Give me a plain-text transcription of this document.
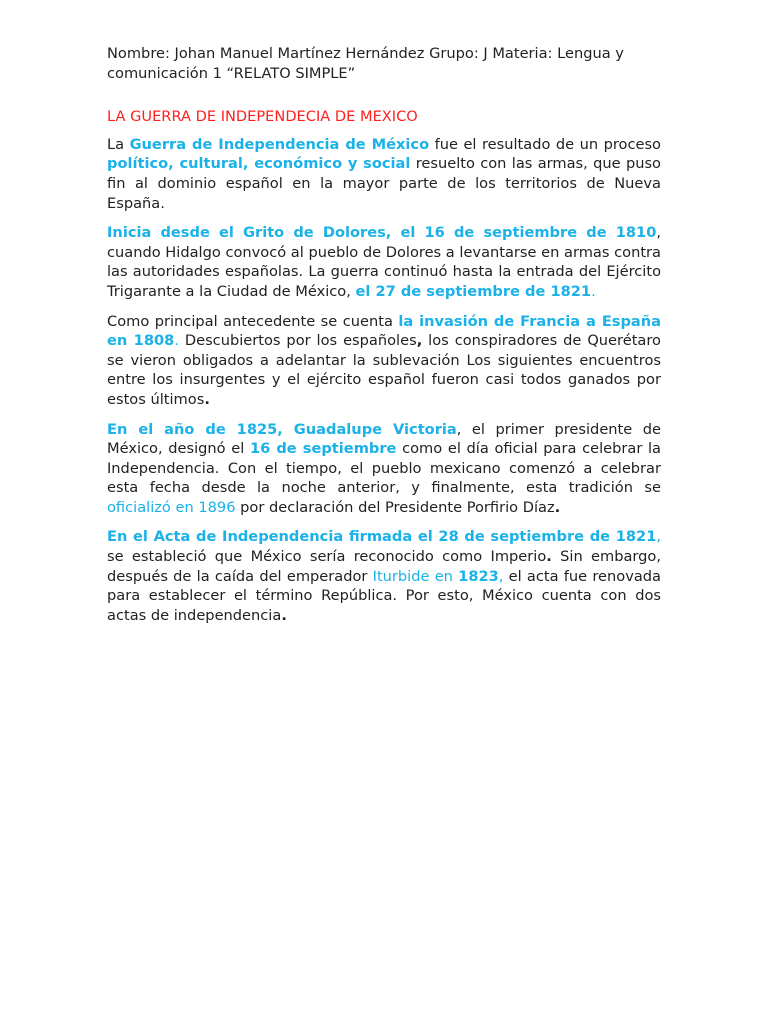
Nombre: Johan Manuel Martínez Hernández Grupo: J Materia: Lengua y comunicación 1 “RELATO SIMPLE”
LA GUERRA DE INDEPENDECIA DE MEXICO

La Guerra de Independencia de México fue el resultado de un proceso político, cultural, económico y social resuelto con las armas, que puso fin al dominio español en la mayor parte de los territorios de Nueva España.

Inicia desde el Grito de Dolores, el 16 de septiembre de 1810, cuando Hidalgo convocó al pueblo de Dolores a levantarse en armas contra las autoridades españolas. La guerra continuó hasta la entrada del Ejército Trigarante a la Ciudad de México, el 27 de septiembre de 1821.

Como principal antecedente se cuenta la invasión de Francia a España en 1808. Descubiertos por los españoles, los conspiradores de Querétaro se vieron obligados a adelantar la sublevación Los siguientes encuentros entre los insurgentes y el ejército español fueron casi todos ganados por estos últimos.

En el año de 1825, Guadalupe Victoria, el primer presidente de México, designó el 16 de septiembre como el día oficial para celebrar la Independencia. Con el tiempo, el pueblo mexicano comenzó a celebrar esta fecha desde la noche anterior, y finalmente, esta tradición se oficializó en 1896 por declaración del Presidente Porfirio Díaz.

En el Acta de Independencia firmada el 28 de septiembre de 1821, se estableció que México sería reconocido como Imperio. Sin embargo, después de la caída del emperador Iturbide en 1823, el acta fue renovada para establecer el término República. Por esto, México cuenta con dos actas de independencia.
